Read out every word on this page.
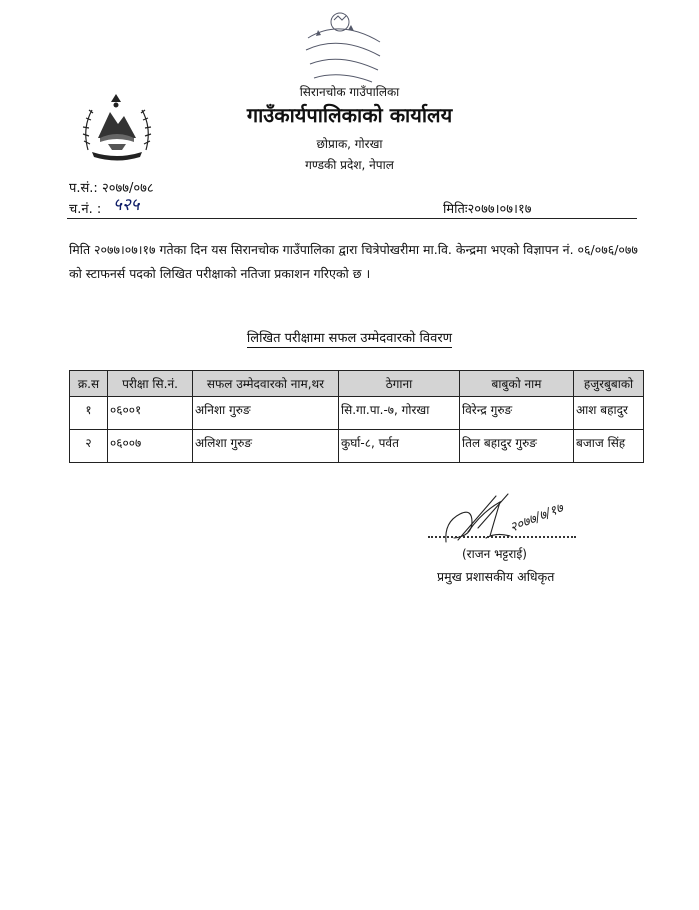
सिरानचोक गाउँपालिका
गाउँकार्यपालिकाको कार्यालय
छोप्राक, गोरखा
गण्डकी प्रदेश, नेपाल
प.सं.: २०७७/०७८
च.नं. : ५२५	मितिः२०७७।०७।१७
मिति २०७७।०७।१७ गतेका दिन यस सिरानचोक गाउँपालिका द्वारा चित्रेपोखरीमा मा.वि. केन्द्रमा भएको विज्ञापन नं. ०६/०७६/०७७ को स्टाफनर्स पदको लिखित परीक्षाको नतिजा प्रकाशन गरिएको छ ।
लिखित परीक्षामा सफल उम्मेदवारको विवरण
क्र.स	परीक्षा सि.नं.	सफल उम्मेदवारको नाम,थर	ठेगाना	बाबुको नाम	हजुरबुबाको
१	०६००१	अनिशा गुरुङ	सि.गा.पा.-७, गोरखा	विरेन्द्र गुरुङ	आश बहादुर
२	०६००७	अलिशा गुरुङ	कुर्घा-८, पर्वत	तिल बहादुर गुरुङ	बजाज सिंह
२०७७/७/१७
(राजन भट्टराई)
प्रमुख प्रशासकीय अधिकृत
